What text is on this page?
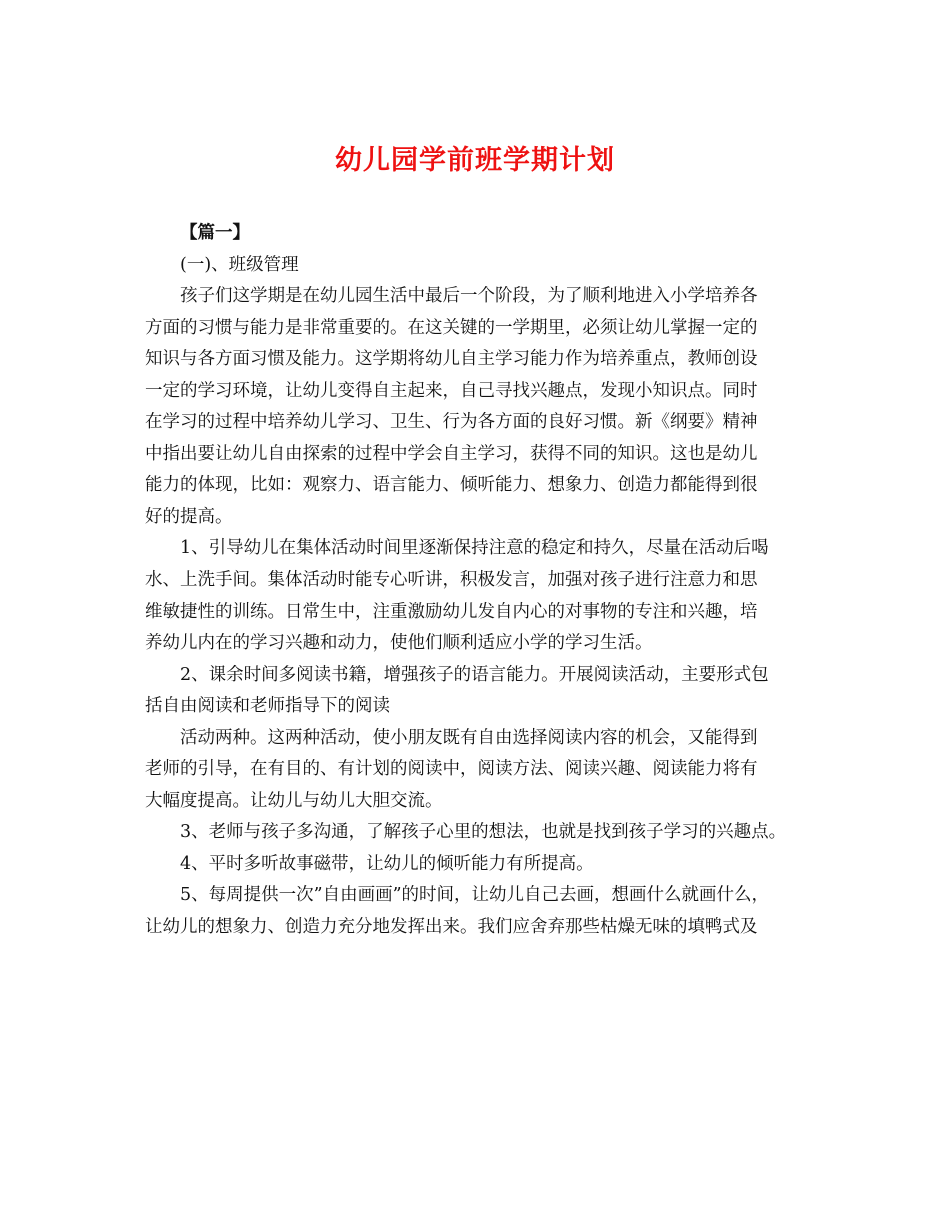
幼儿园学前班学期计划
【篇一】
(一)、班级管理
孩子们这学期是在幼儿园生活中最后一个阶段，为了顺利地进入小学培养各
方面的习惯与能力是非常重要的。在这关键的一学期里，必须让幼儿掌握一定的
知识与各方面习惯及能力。这学期将幼儿自主学习能力作为培养重点，教师创设
一定的学习环境，让幼儿变得自主起来，自己寻找兴趣点，发现小知识点。同时
在学习的过程中培养幼儿学习、卫生、行为各方面的良好习惯。新《纲要》精神
中指出要让幼儿自由探索的过程中学会自主学习，获得不同的知识。这也是幼儿
能力的体现，比如：观察力、语言能力、倾听能力、想象力、创造力都能得到很
好的提高。
1、引导幼儿在集体活动时间里逐渐保持注意的稳定和持久，尽量在活动后喝
水、上洗手间。集体活动时能专心听讲，积极发言，加强对孩子进行注意力和思
维敏捷性的训练。日常生中，注重激励幼儿发自内心的对事物的专注和兴趣，培
养幼儿内在的学习兴趣和动力，使他们顺利适应小学的学习生活。
2、课余时间多阅读书籍，增强孩子的语言能力。开展阅读活动，主要形式包
括自由阅读和老师指导下的阅读
活动两种。这两种活动，使小朋友既有自由选择阅读内容的机会，又能得到
老师的引导，在有目的、有计划的阅读中，阅读方法、阅读兴趣、阅读能力将有
大幅度提高。让幼儿与幼儿大胆交流。
3、老师与孩子多沟通，了解孩子心里的想法，也就是找到孩子学习的兴趣点。
4、平时多听故事磁带，让幼儿的倾听能力有所提高。
5、每周提供一次”自由画画”的时间，让幼儿自己去画，想画什么就画什么，
让幼儿的想象力、创造力充分地发挥出来。我们应舍弃那些枯燥无味的填鸭式及
